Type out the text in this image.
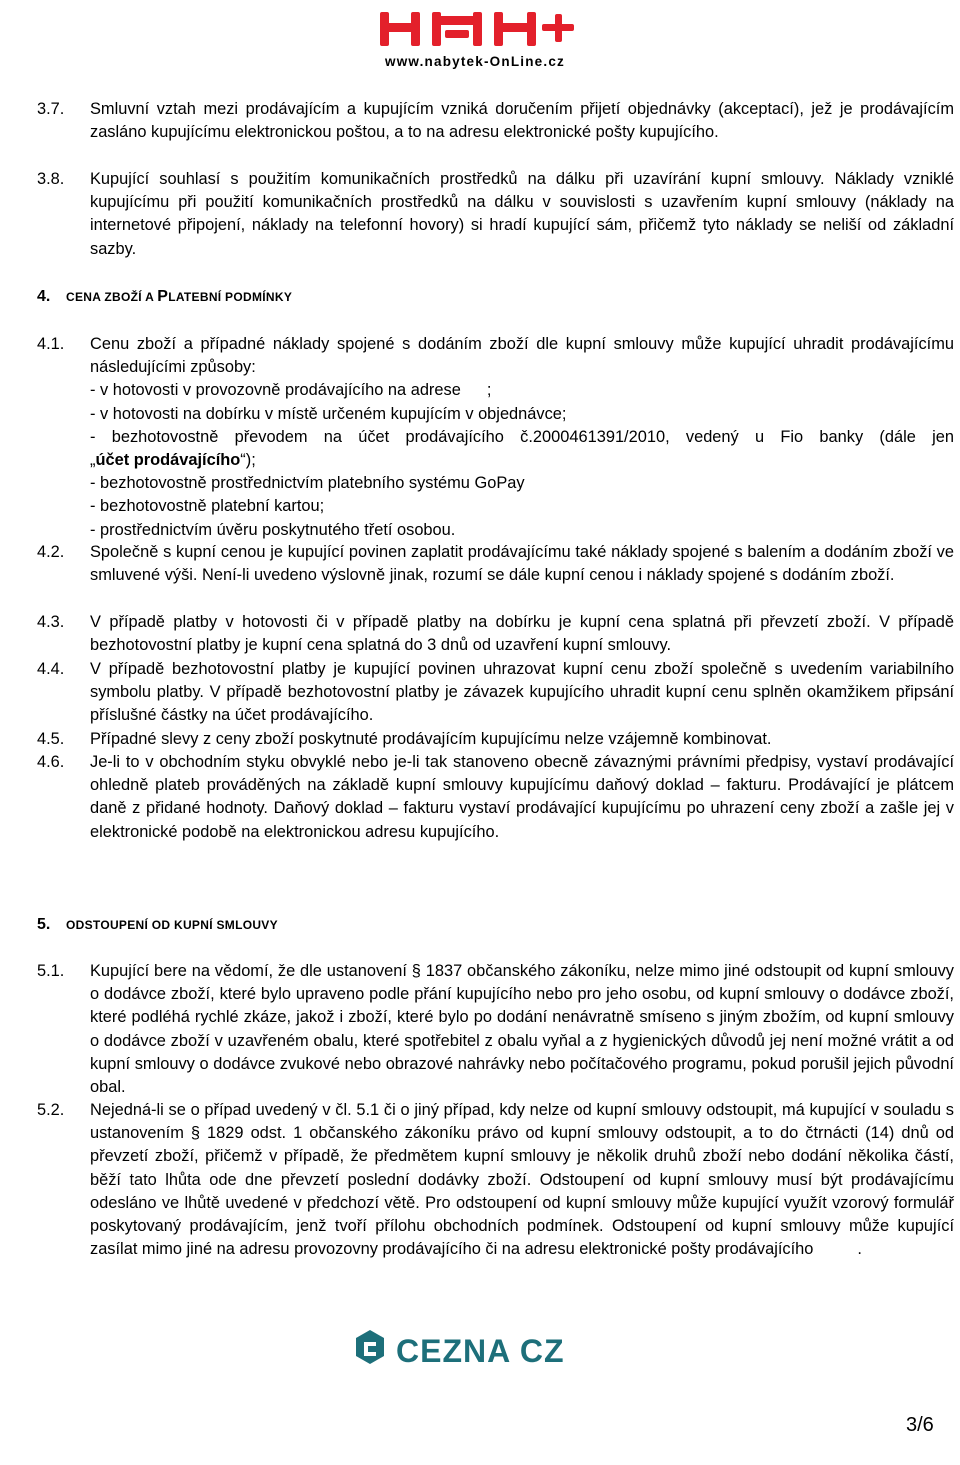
www.nabytek-OnLine.cz
3.7.	Smluvní vztah mezi prodávajícím a kupujícím vzniká doručením přijetí objednávky (akceptací), jež je prodávajícím zasláno kupujícímu elektronickou poštou, a to na adresu elektronické pošty kupujícího.

3.8.	Kupující souhlasí s použitím komunikačních prostředků na dálku při uzavírání kupní smlouvy. Náklady vzniklé kupujícímu při použití komunikačních prostředků na dálku v souvislosti s uzavřením kupní smlouvy (náklady na internetové připojení, náklady na telefonní hovory) si hradí kupující sám, přičemž tyto náklady se neliší od základní sazby.

4. CENA ZBOŽÍ A PLATEBNÍ PODMÍNKY
4.1.	Cenu zboží a případné náklady spojené s dodáním zboží dle kupní smlouvy může kupující uhradit prodávajícímu následujícími způsoby:

- v hotovosti v provozovně prodávajícího na adrese ;
- v hotovosti na dobírku v místě určeném kupujícím v objednávce;
- bezhotovostně převodem na účet prodávajícího č.2000461391/2010, vedený u Fio banky (dále jen
„účet prodávajícího“);
- bezhotovostně prostřednictvím platebního systému GoPay
- bezhotovostně platební kartou;
- prostřednictvím úvěru poskytnutého třetí osobou.
4.2.	Společně s kupní cenou je kupující povinen zaplatit prodávajícímu také náklady spojené s balením a dodáním zboží ve smluvené výši. Není-li uvedeno výslovně jinak, rozumí se dále kupní cenou i náklady spojené s dodáním zboží.

4.3.	V případě platby v hotovosti či v případě platby na dobírku je kupní cena splatná při převzetí zboží. V případě bezhotovostní platby je kupní cena splatná do 3 dnů od uzavření kupní smlouvy.

4.4.	V případě bezhotovostní platby je kupující povinen uhrazovat kupní cenu zboží společně s uvedením variabilního symbolu platby. V případě bezhotovostní platby je závazek kupujícího uhradit kupní cenu splněn okamžikem připsání příslušné částky na účet prodávajícího.

4.5.	Případné slevy z ceny zboží poskytnuté prodávajícím kupujícímu nelze vzájemně kombinovat.

4.6.	Je-li to v obchodním styku obvyklé nebo je-li tak stanoveno obecně závaznými právními předpisy, vystaví prodávající ohledně plateb prováděných na základě kupní smlouvy kupujícímu daňový doklad – fakturu. Prodávající je plátcem daně z přidané hodnoty. Daňový doklad – fakturu vystaví prodávající kupujícímu po uhrazení ceny zboží a zašle jej v elektronické podobě na elektronickou adresu kupujícího.

5. ODSTOUPENÍ OD KUPNÍ SMLOUVY
5.1.	Kupující bere na vědomí, že dle ustanovení § 1837 občanského zákoníku, nelze mimo jiné odstoupit od kupní smlouvy o dodávce zboží, které bylo upraveno podle přání kupujícího nebo pro jeho osobu, od kupní smlouvy o dodávce zboží, které podléhá rychlé zkáze, jakož i zboží, které bylo po dodání nenávratně smíseno s jiným zbožím, od kupní smlouvy o dodávce zboží v uzavřeném obalu, které spotřebitel z obalu vyňal a z hygienických důvodů jej není možné vrátit a od kupní smlouvy o dodávce zvukové nebo obrazové nahrávky nebo počítačového programu, pokud porušil jejich původní obal.

5.2.	Nejedná-li se o případ uvedený v čl. 5.1 či o jiný případ, kdy nelze od kupní smlouvy odstoupit, má kupující v souladu s ustanovením § 1829 odst. 1 občanského zákoníku právo od kupní smlouvy odstoupit, a to do čtrnácti (14) dnů od převzetí zboží, přičemž v případě, že předmětem kupní smlouvy je několik druhů zboží nebo dodání několika částí, běží tato lhůta ode dne převzetí poslední dodávky zboží. Odstoupení od kupní smlouvy musí být prodávajícímu odesláno ve lhůtě uvedené v předchozí větě. Pro odstoupení od kupní smlouvy může kupující využít vzorový formulář poskytovaný prodávajícím, jenž tvoří přílohu obchodních podmínek. Odstoupení od kupní smlouvy může kupující zasílat mimo jiné na adresu provozovny prodávajícího či na adresu elektronické pošty prodávajícího	.

CEZNA CZ
3/6
